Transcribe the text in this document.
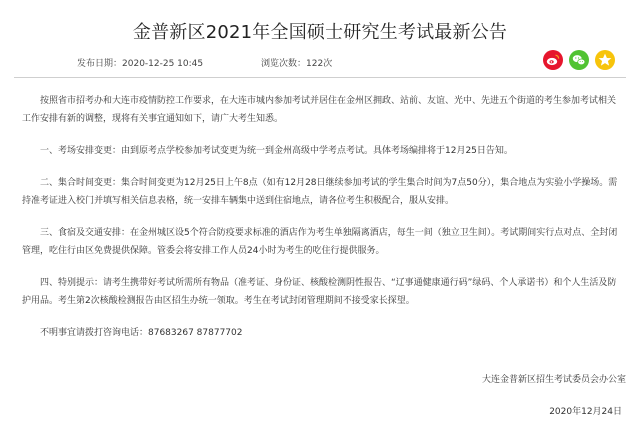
金普新区2021年全国硕士研究生考试最新公告
发布日期：2020-12-25 10:45	浏览次数：122次

按照省市招考办和大连市疫情防控工作要求，在大连市城内参加考试并居住在金州区拥政、站前、友谊、光中、先进五个街道的考生参加考试相关工作安排有新的调整，现将有关事宜通知如下，请广大考生知悉。

一、考场安排变更：由到原考点学校参加考试变更为统一到金州高级中学考点考试。具体考场编排将于12月25日告知。

二、集合时间变更：集合时间变更为12月25日上午8点（如有12月28日继续参加考试的学生集合时间为7点50分），集合地点为实验小学操场。需持准考证进入校门并填写相关信息表格，统一安排车辆集中送到住宿地点，请各位考生积极配合，服从安排。

三、食宿及交通安排：在金州城区设5个符合防疫要求标准的酒店作为考生单独隔离酒店，每生一间（独立卫生间）。考试期间实行点对点、全封闭管理，吃住行由区免费提供保障。管委会将安排工作人员24小时为考生的吃住行提供服务。

四、特别提示：请考生携带好考试所需所有物品（准考证、身份证、核酸检测阴性报告、“辽事通健康通行码”绿码、个人承诺书）和个人生活及防护用品。考生第2次核酸检测报告由区招生办统一领取。考生在考试封闭管理期间不接受家长探望。

不明事宜请拨打咨询电话：87683267 87877702

大连金普新区招生考试委员会办公室
2020年12月24日
